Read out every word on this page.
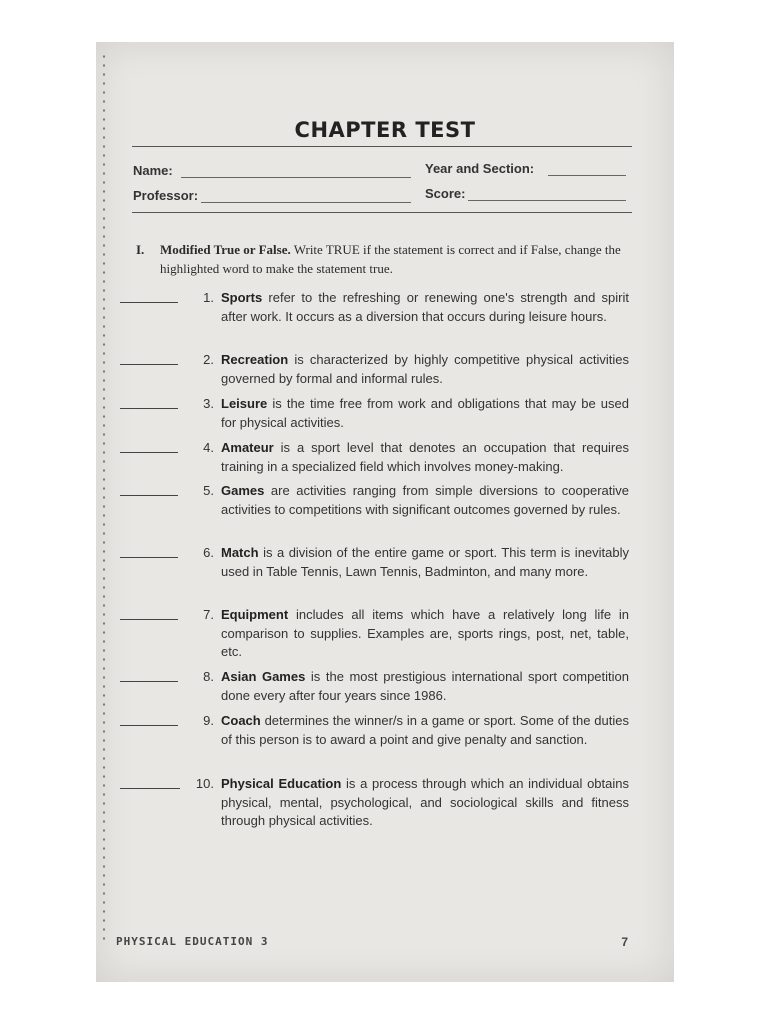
CHAPTER TEST
Name:	Year and Section:
Professor:	Score:
I. Modified True or False. Write TRUE if the statement is correct and if False, change the highlighted word to make the statement true.
1. Sports refer to the refreshing or renewing one's strength and spirit after work. It occurs as a diversion that occurs during leisure hours.
2. Recreation is characterized by highly competitive physical activities governed by formal and informal rules.
3. Leisure is the time free from work and obligations that may be used for physical activities.
4. Amateur is a sport level that denotes an occupation that requires training in a specialized field which involves money-making.
5. Games are activities ranging from simple diversions to cooperative activities to competitions with significant outcomes governed by rules.
6. Match is a division of the entire game or sport. This term is inevitably used in Table Tennis, Lawn Tennis, Badminton, and many more.
7. Equipment includes all items which have a relatively long life in comparison to supplies. Examples are, sports rings, post, net, table, etc.
8. Asian Games is the most prestigious international sport competition done every after four years since 1986.
9. Coach determines the winner/s in a game or sport. Some of the duties of this person is to award a point and give penalty and sanction.
10. Physical Education is a process through which an individual obtains physical, mental, psychological, and sociological skills and fitness through physical activities.
PHYSICAL EDUCATION 3	7
